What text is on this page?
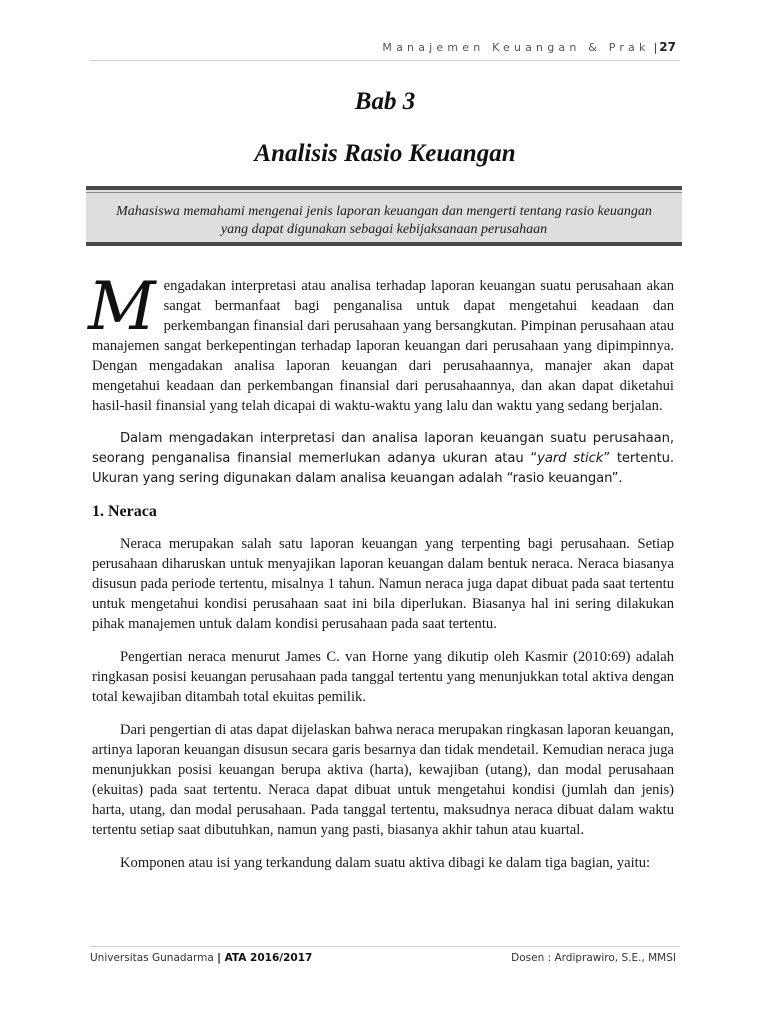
Manajemen Keuangan & Prak | 27
Bab 3
Analisis Rasio Keuangan
Mahasiswa memahami mengenai jenis laporan keuangan dan mengerti tentang rasio keuangan yang dapat digunakan sebagai kebijaksanaan perusahaan

Mengadakan interpretasi atau analisa terhadap laporan keuangan suatu perusahaan akan sangat bermanfaat bagi penganalisa untuk dapat mengetahui keadaan dan perkembangan finansial dari perusahaan yang bersangkutan. Pimpinan perusahaan atau manajemen sangat berkepentingan terhadap laporan keuangan dari perusahaan yang dipimpinnya. Dengan mengadakan analisa laporan keuangan dari perusahaannya, manajer akan dapat mengetahui keadaan dan perkembangan finansial dari perusahaannya, dan akan dapat diketahui hasil-hasil finansial yang telah dicapai di waktu-waktu yang lalu dan waktu yang sedang berjalan.

Dalam mengadakan interpretasi dan analisa laporan keuangan suatu perusahaan, seorang penganalisa finansial memerlukan adanya ukuran atau “yard stick” tertentu. Ukuran yang sering digunakan dalam analisa keuangan adalah “rasio keuangan”.

1. Neraca

Neraca merupakan salah satu laporan keuangan yang terpenting bagi perusahaan. Setiap perusahaan diharuskan untuk menyajikan laporan keuangan dalam bentuk neraca. Neraca biasanya disusun pada periode tertentu, misalnya 1 tahun. Namun neraca juga dapat dibuat pada saat tertentu untuk mengetahui kondisi perusahaan saat ini bila diperlukan. Biasanya hal ini sering dilakukan pihak manajemen untuk dalam kondisi perusahaan pada saat tertentu.

Pengertian neraca menurut James C. van Horne yang dikutip oleh Kasmir (2010:69) adalah ringkasan posisi keuangan perusahaan pada tanggal tertentu yang menunjukkan total aktiva dengan total kewajiban ditambah total ekuitas pemilik.

Dari pengertian di atas dapat dijelaskan bahwa neraca merupakan ringkasan laporan keuangan, artinya laporan keuangan disusun secara garis besarnya dan tidak mendetail. Kemudian neraca juga menunjukkan posisi keuangan berupa aktiva (harta), kewajiban (utang), dan modal perusahaan (ekuitas) pada saat tertentu. Neraca dapat dibuat untuk mengetahui kondisi (jumlah dan jenis) harta, utang, dan modal perusahaan. Pada tanggal tertentu, maksudnya neraca dibuat dalam waktu tertentu setiap saat dibutuhkan, namun yang pasti, biasanya akhir tahun atau kuartal.

Komponen atau isi yang terkandung dalam suatu aktiva dibagi ke dalam tiga bagian, yaitu:

Universitas Gunadarma | ATA 2016/2017	Dosen : Ardiprawiro, S.E., MMSI
